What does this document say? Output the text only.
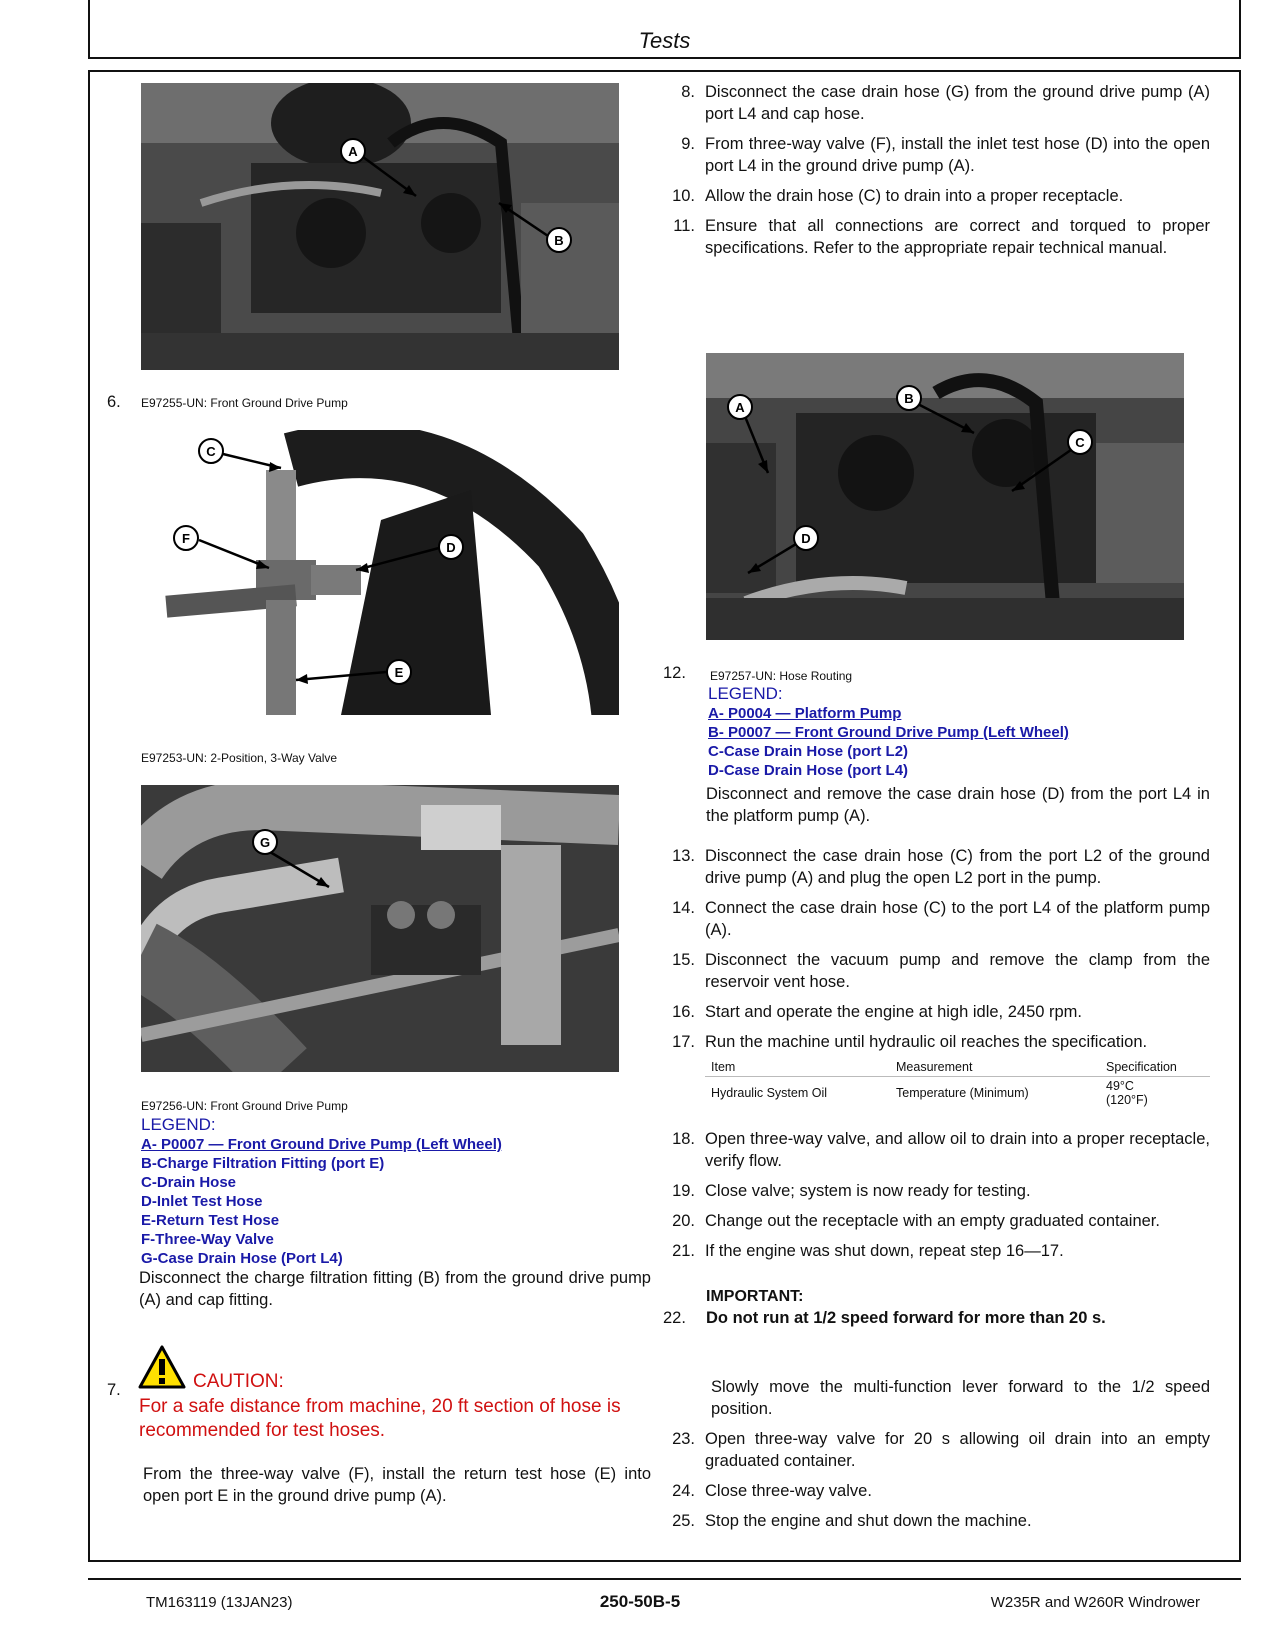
Tests
A
B
6. E97255-UN: Front Ground Drive Pump
C
F
D
E
E97253-UN: 2-Position, 3-Way Valve
G
E97256-UN: Front Ground Drive Pump
LEGEND:
A- P0007 — Front Ground Drive Pump (Left Wheel)
B-Charge Filtration Fitting (port E)
C-Drain Hose
D-Inlet Test Hose
E-Return Test Hose
F-Three-Way Valve
G-Case Drain Hose (Port L4)
Disconnect the charge filtration fitting (B) from the ground drive pump (A) and cap fitting.
7.	CAUTION:
For a safe distance from machine, 20 ft section of hose is recommended for test hoses.
From the three-way valve (F), install the return test hose (E) into open port E in the ground drive pump (A).
8. Disconnect the case drain hose (G) from the ground drive pump (A) port L4 and cap hose.
9. From three-way valve (F), install the inlet test hose (D) into the open port L4 in the ground drive pump (A).
10. Allow the drain hose (C) to drain into a proper receptacle.
11. Ensure that all connections are correct and torqued to proper specifications. Refer to the appropriate repair technical manual.
A
B
C
D
12. E97257-UN: Hose Routing
LEGEND:
A- P0004 — Platform Pump
B- P0007 — Front Ground Drive Pump (Left Wheel)
C-Case Drain Hose (port L2)
D-Case Drain Hose (port L4)
Disconnect and remove the case drain hose (D) from the port L4 in the platform pump (A).
13. Disconnect the case drain hose (C) from the port L2 of the ground drive pump (A) and plug the open L2 port in the pump.
14. Connect the case drain hose (C) to the port L4 of the platform pump (A).
15. Disconnect the vacuum pump and remove the clamp from the reservoir vent hose.
16. Start and operate the engine at high idle, 2450 rpm.
17. Run the machine until hydraulic oil reaches the specification.
Item	Measurement	Specification
Hydraulic System Oil	Temperature (Minimum)	49°C
(120°F)
18. Open three-way valve, and allow oil to drain into a proper receptacle, verify flow.
19. Close valve; system is now ready for testing.
20. Change out the receptacle with an empty graduated container.
21. If the engine was shut down, repeat step 16—17.
IMPORTANT:
22. Do not run at 1/2 speed forward for more than 20 s.
Slowly move the multi-function lever forward to the 1/2 speed position.
23. Open three-way valve for 20 s allowing oil drain into an empty graduated container.
24. Close three-way valve.
25. Stop the engine and shut down the machine.
TM163119 (13JAN23)	250-50B-5	W235R and W260R Windrower
